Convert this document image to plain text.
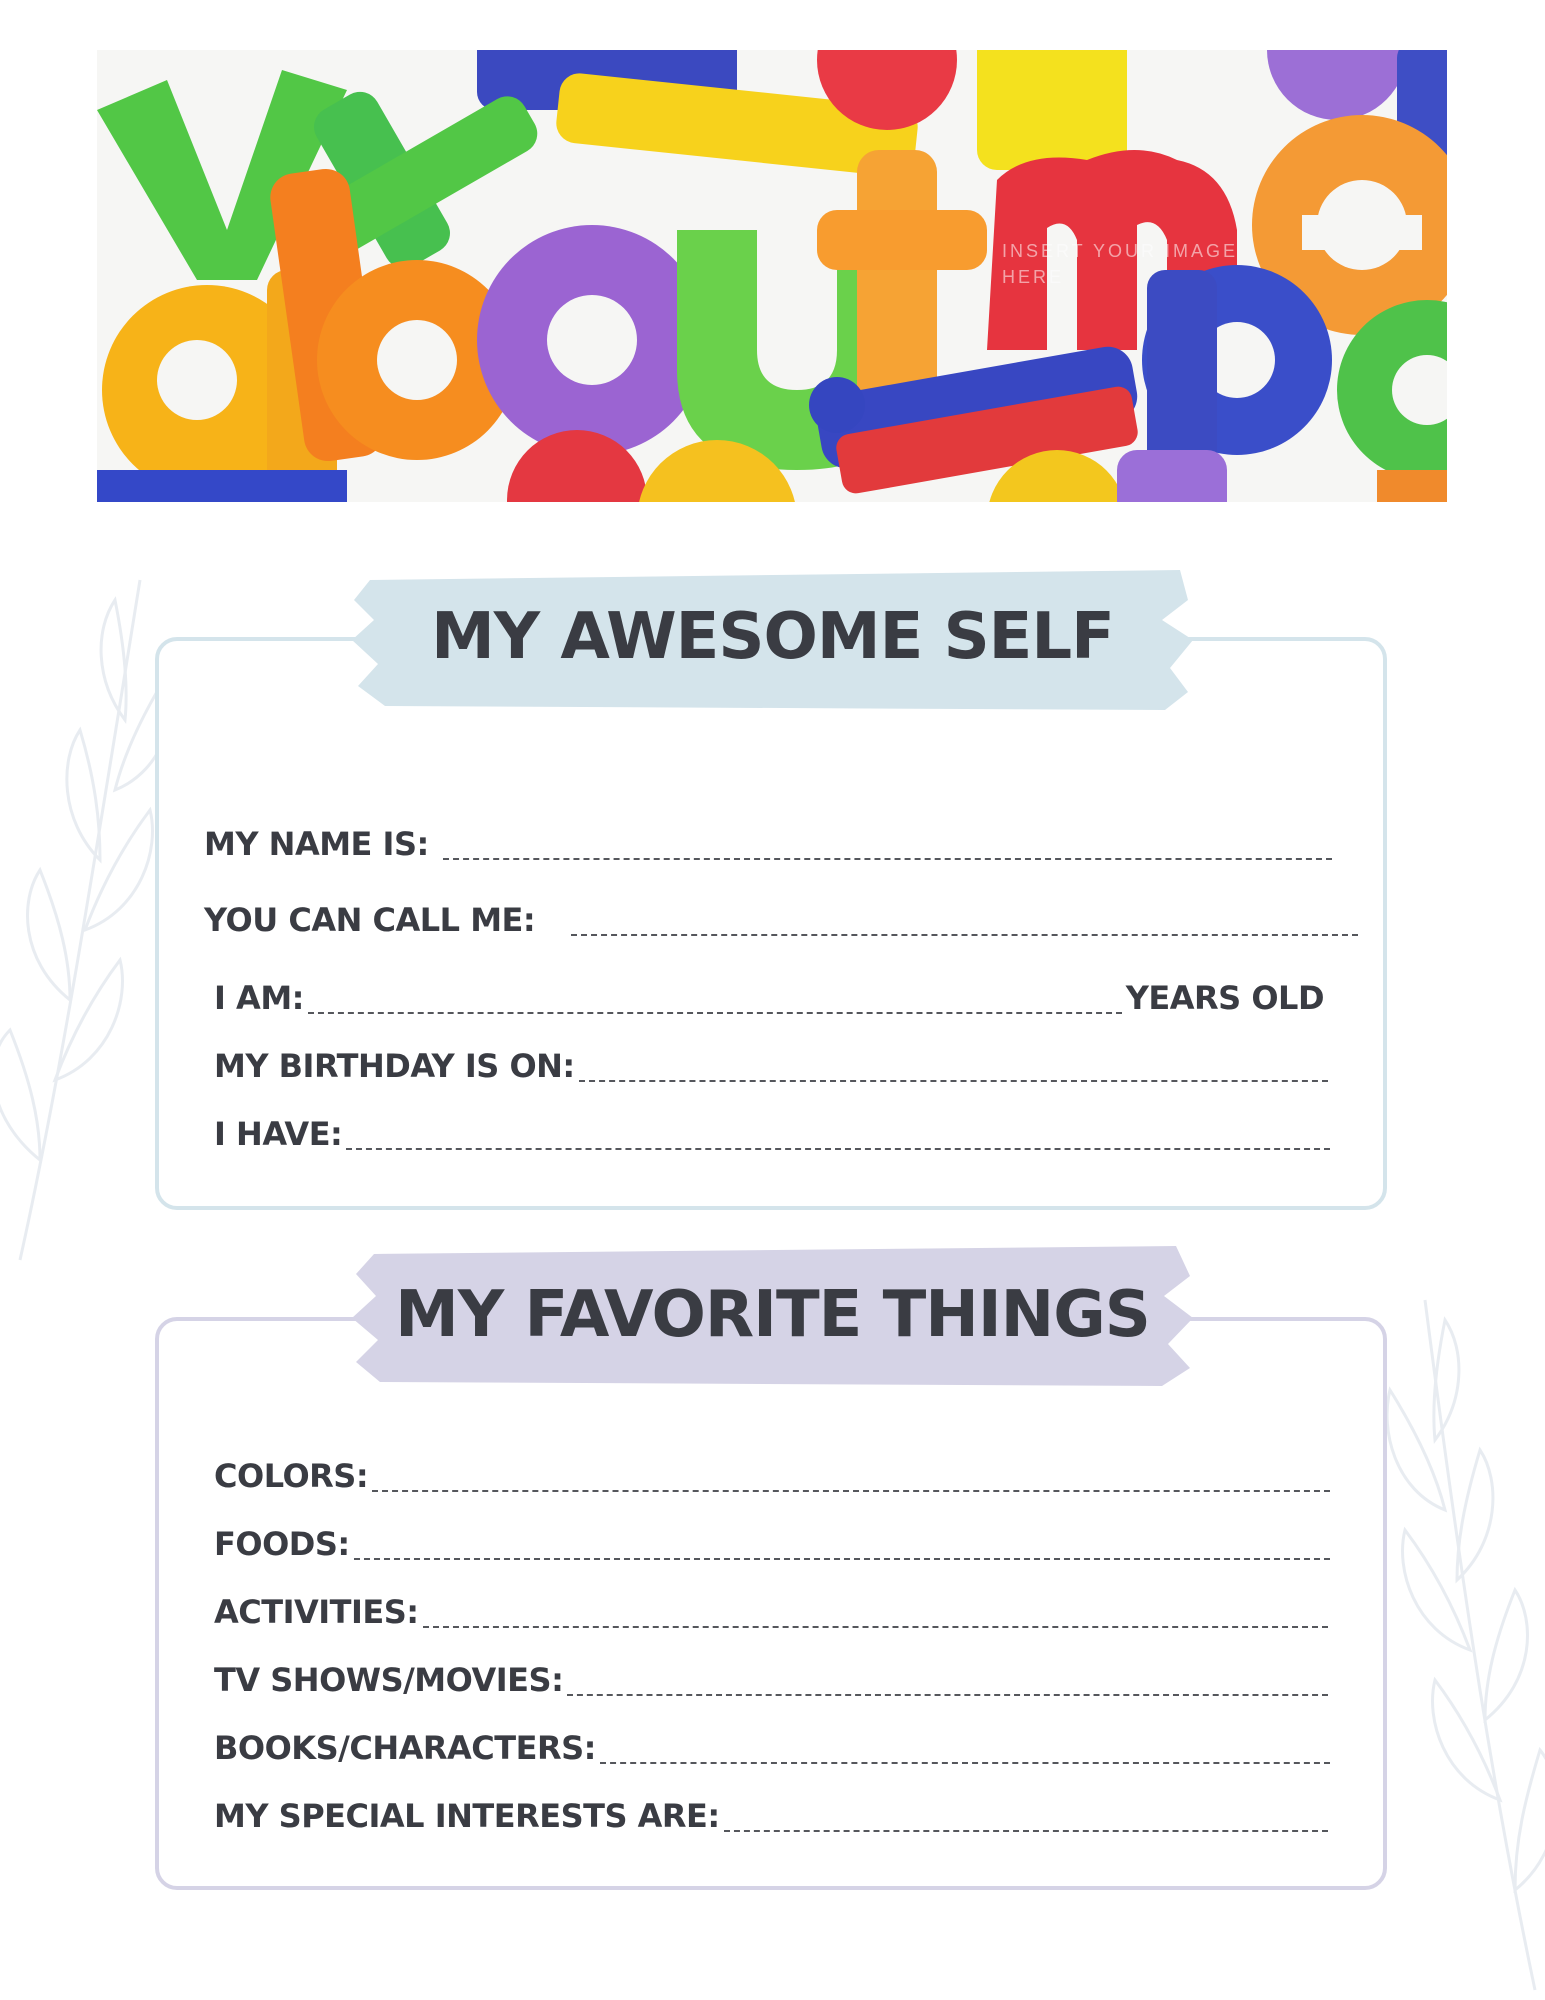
INSERT YOUR IMAGE HERE
MY AWESOME SELF
MY NAME IS:
YOU CAN CALL ME:
I AM:	YEARS OLD
MY BIRTHDAY IS ON:
I HAVE:
MY FAVORITE THINGS
COLORS:
FOODS:
ACTIVITIES:
TV SHOWS/MOVIES:
BOOKS/CHARACTERS:
MY SPECIAL INTERESTS ARE:
